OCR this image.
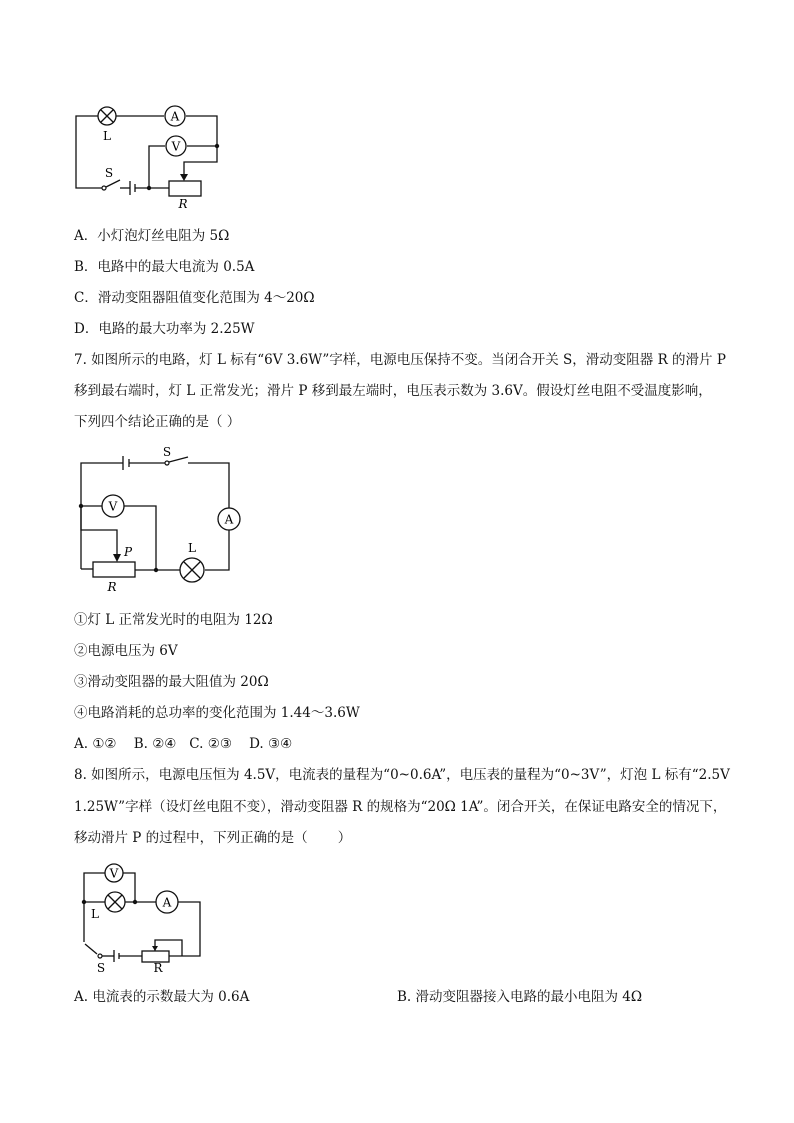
A
V
L
S
R
A．小灯泡灯丝电阻为 5Ω
B．电路中的最大电流为 0.5A
C．滑动变阻器阻值变化范围为 4～20Ω
D．电路的最大功率为 2.25W
7. 如图所示的电路，灯 L 标有“6V 3.6W”字样，电源电压保持不变。当闭合开关 S，滑动变阻器 R 的滑片 P
移到最右端时，灯 L 正常发光；滑片 P 移到最左端时，电压表示数为 3.6V。假设灯丝电阻不受温度影响，
下列四个结论正确的是（ ）
V
A
S
P	L
R
①灯 L 正常发光时的电阻为 12Ω
②电源电压为 6V
③滑动变阻器的最大阻值为 20Ω
④电路消耗的总功率的变化范围为 1.44～3.6W
A. ①②    B. ②④   C. ②③    D. ③④
8. 如图所示，电源电压恒为 4.5V，电流表的量程为“0~0.6A”，电压表的量程为“0~3V”，灯泡 L 标有“2.5V
1.25W”字样（设灯丝电阻不变），滑动变阻器 R 的规格为“20Ω 1A”。闭合开关，在保证电路安全的情况下，
移动滑片 P 的过程中，下列正确的是（       ）
V
A
L
S	R
A. 电流表的示数最大为 0.6A	B. 滑动变阻器接入电路的最小电阻为 4Ω
